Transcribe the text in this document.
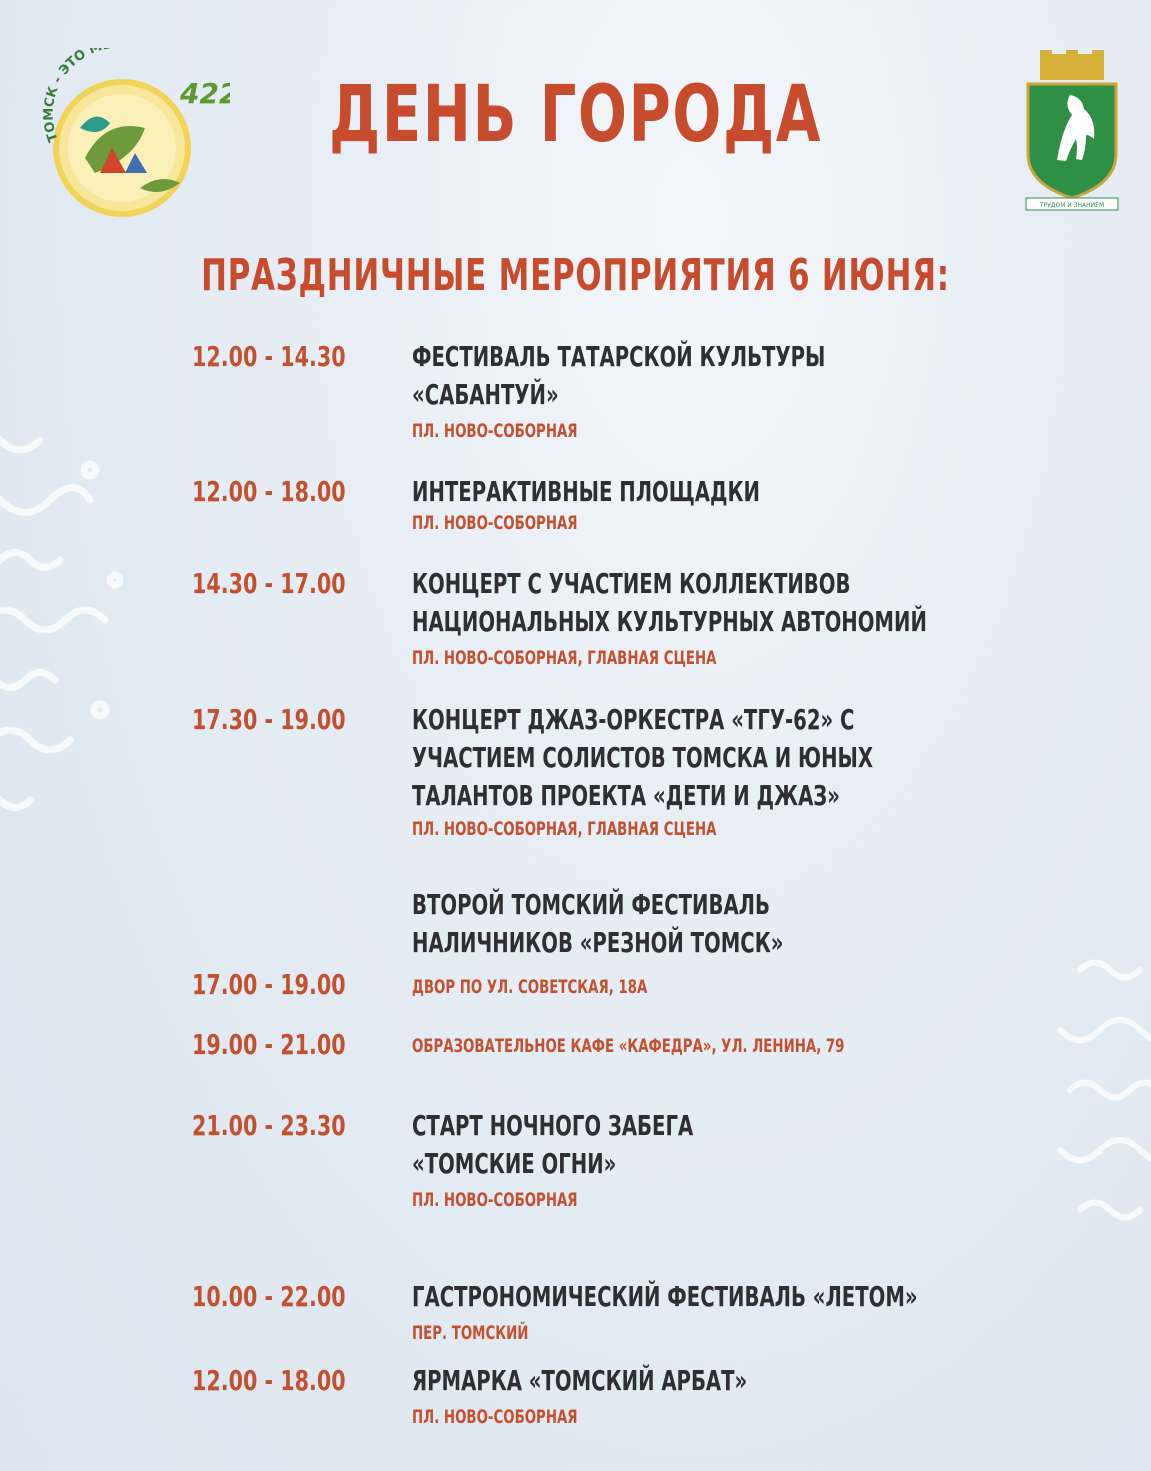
42
ТОМСК - ЭТО М
ТРУДОМ И ЗНАНИЕМ
ДЕНЬ ГОРОДА
ПРАЗДНИЧНЫЕ МЕРОПРИЯТИЯ 6 ИЮНЯ:
12.00 - 14.30 ФЕСТИВАЛЬ ТАТАРСКОЙ КУЛЬТУРЫ
«САБАНТУЙ»
ПЛ. НОВО-СОБОРНАЯ
12.00 - 18.00 ИНТЕРАКТИВНЫЕ ПЛОЩАДКИ
ПЛ. НОВО-СОБОРНАЯ
14.30 - 17.00 КОНЦЕРТ С УЧАСТИЕМ КОЛЛЕКТИВОВ
НАЦИОНАЛЬНЫХ КУЛЬТУРНЫХ АВТОНОМИЙ
ПЛ. НОВО-СОБОРНАЯ, ГЛАВНАЯ СЦЕНА
17.30 - 19.00 КОНЦЕРТ ДЖАЗ-ОРКЕСТРА «ТГУ-62» С
УЧАСТИЕМ СОЛИСТОВ ТОМСКА И ЮНЫХ
ТАЛАНТОВ ПРОЕКТА «ДЕТИ И ДЖАЗ»
ПЛ. НОВО-СОБОРНАЯ, ГЛАВНАЯ СЦЕНА
ВТОРОЙ ТОМСКИЙ ФЕСТИВАЛЬ
НАЛИЧНИКОВ «РЕЗНОЙ ТОМСК»
17.00 - 19.00	ДВОР ПО УЛ. СОВЕТСКАЯ, 18А
19.00 - 21.00	ОБРАЗОВАТЕЛЬНОЕ КАФЕ «КАФЕДРА», УЛ. ЛЕНИНА, 79
21.00 - 23.30 СТАРТ НОЧНОГО ЗАБЕГА
«ТОМСКИЕ ОГНИ»
ПЛ. НОВО-СОБОРНАЯ
10.00 - 22.00 ГАСТРОНОМИЧЕСКИЙ ФЕСТИВАЛЬ «ЛЕТОМ»
ПЕР. ТОМСКИЙ
12.00 - 18.00 ЯРМАРКА «ТОМСКИЙ АРБАТ»
ПЛ. НОВО-СОБОРНАЯ
